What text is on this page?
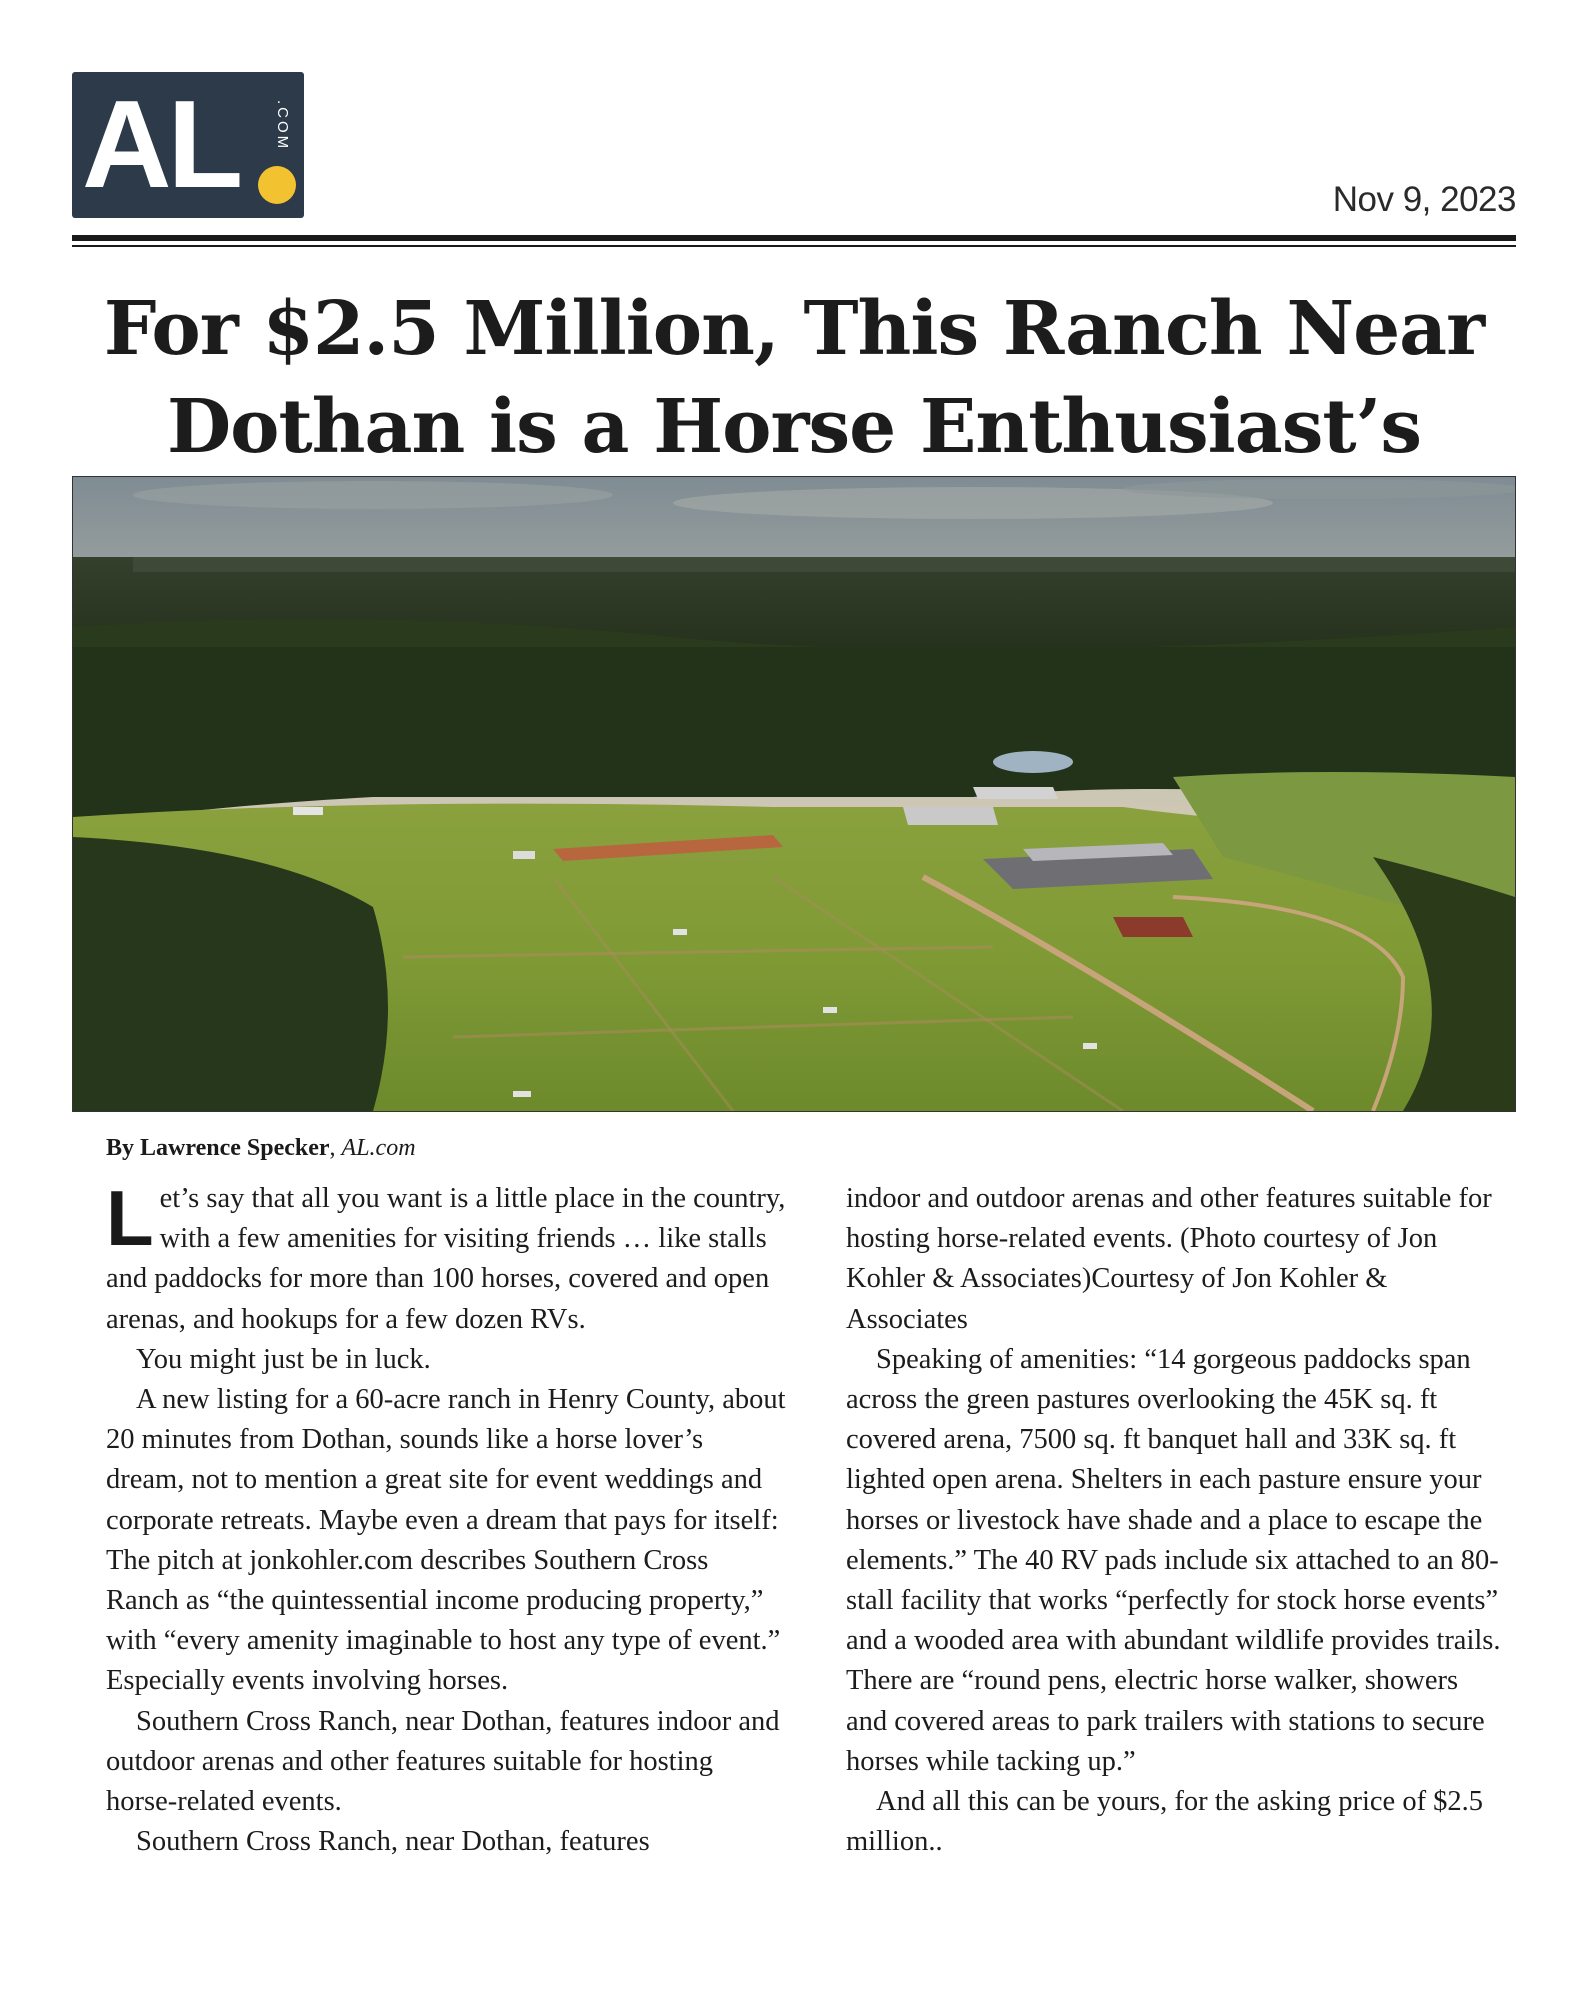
AL .COM
Nov 9, 2023
For $2.5 Million, This Ranch Near Dothan is a Horse Enthusiast’s
By Lawrence Specker, AL.com

Let’s say that all you want is a little place in the country, with a few amenities for visiting friends … like stalls and paddocks for more than 100 horses, covered and open arenas, and hookups for a few dozen RVs.

You might just be in luck.

A new listing for a 60-acre ranch in Henry County, about 20 minutes from Dothan, sounds like a horse lover’s dream, not to mention a great site for event weddings and corporate retreats. Maybe even a dream that pays for itself: The pitch at jonkohler.com describes Southern Cross Ranch as “the quintessential income producing property,” with “every amenity imaginable to host any type of event.” Especially events involving horses.

Southern Cross Ranch, near Dothan, features indoor and outdoor arenas and other features suitable for hosting horse-related events.

Southern Cross Ranch, near Dothan, features

indoor and outdoor arenas and other features suitable for hosting horse-related events. (Photo courtesy of Jon Kohler & Associates)Courtesy of Jon Kohler & Associates

Speaking of amenities: “14 gorgeous paddocks span across the green pastures overlooking the 45K sq. ft covered arena, 7500 sq. ft banquet hall and 33K sq. ft lighted open arena. Shelters in each pasture ensure your horses or livestock have shade and a place to escape the elements.” The 40 RV pads include six attached to an 80-stall facility that works “perfectly for stock horse events” and a wooded area with abundant wildlife provides trails. There are “round pens, electric horse walker, showers and covered areas to park trailers with stations to secure horses while tacking up.”

And all this can be yours, for the asking price of $2.5 million..
